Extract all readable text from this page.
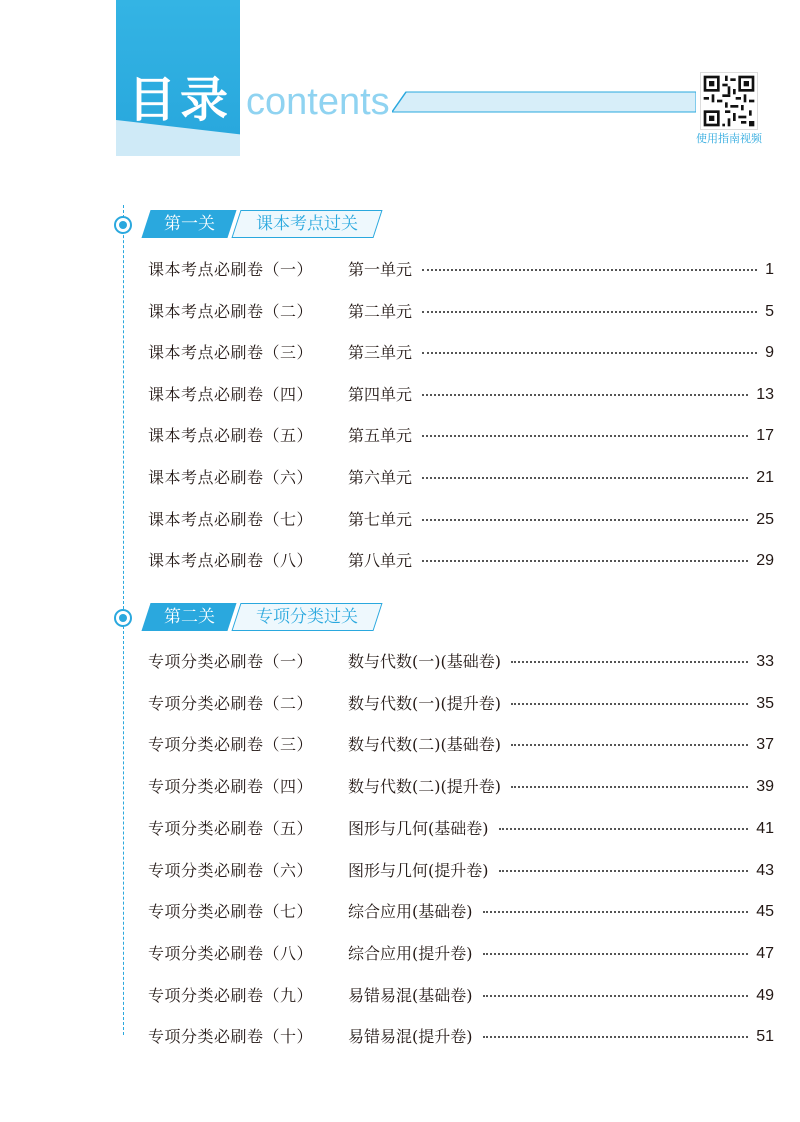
目录 contents
使用指南视频
第一关	课本考点过关
课本考点必刷卷（一）	第一单元	1
课本考点必刷卷（二）	第二单元	5
课本考点必刷卷（三）	第三单元	9
课本考点必刷卷（四）	第四单元	13
课本考点必刷卷（五）	第五单元	17
课本考点必刷卷（六）	第六单元	21
课本考点必刷卷（七）	第七单元	25
课本考点必刷卷（八）	第八单元	29
第二关	专项分类过关
专项分类必刷卷（一）	数与代数(一)(基础卷)	33
专项分类必刷卷（二）	数与代数(一)(提升卷)	35
专项分类必刷卷（三）	数与代数(二)(基础卷)	37
专项分类必刷卷（四）	数与代数(二)(提升卷)	39
专项分类必刷卷（五）	图形与几何(基础卷)	41
专项分类必刷卷（六）	图形与几何(提升卷)	43
专项分类必刷卷（七）	综合应用(基础卷)	45
专项分类必刷卷（八）	综合应用(提升卷)	47
专项分类必刷卷（九）	易错易混(基础卷)	49
专项分类必刷卷（十）	易错易混(提升卷)	51
